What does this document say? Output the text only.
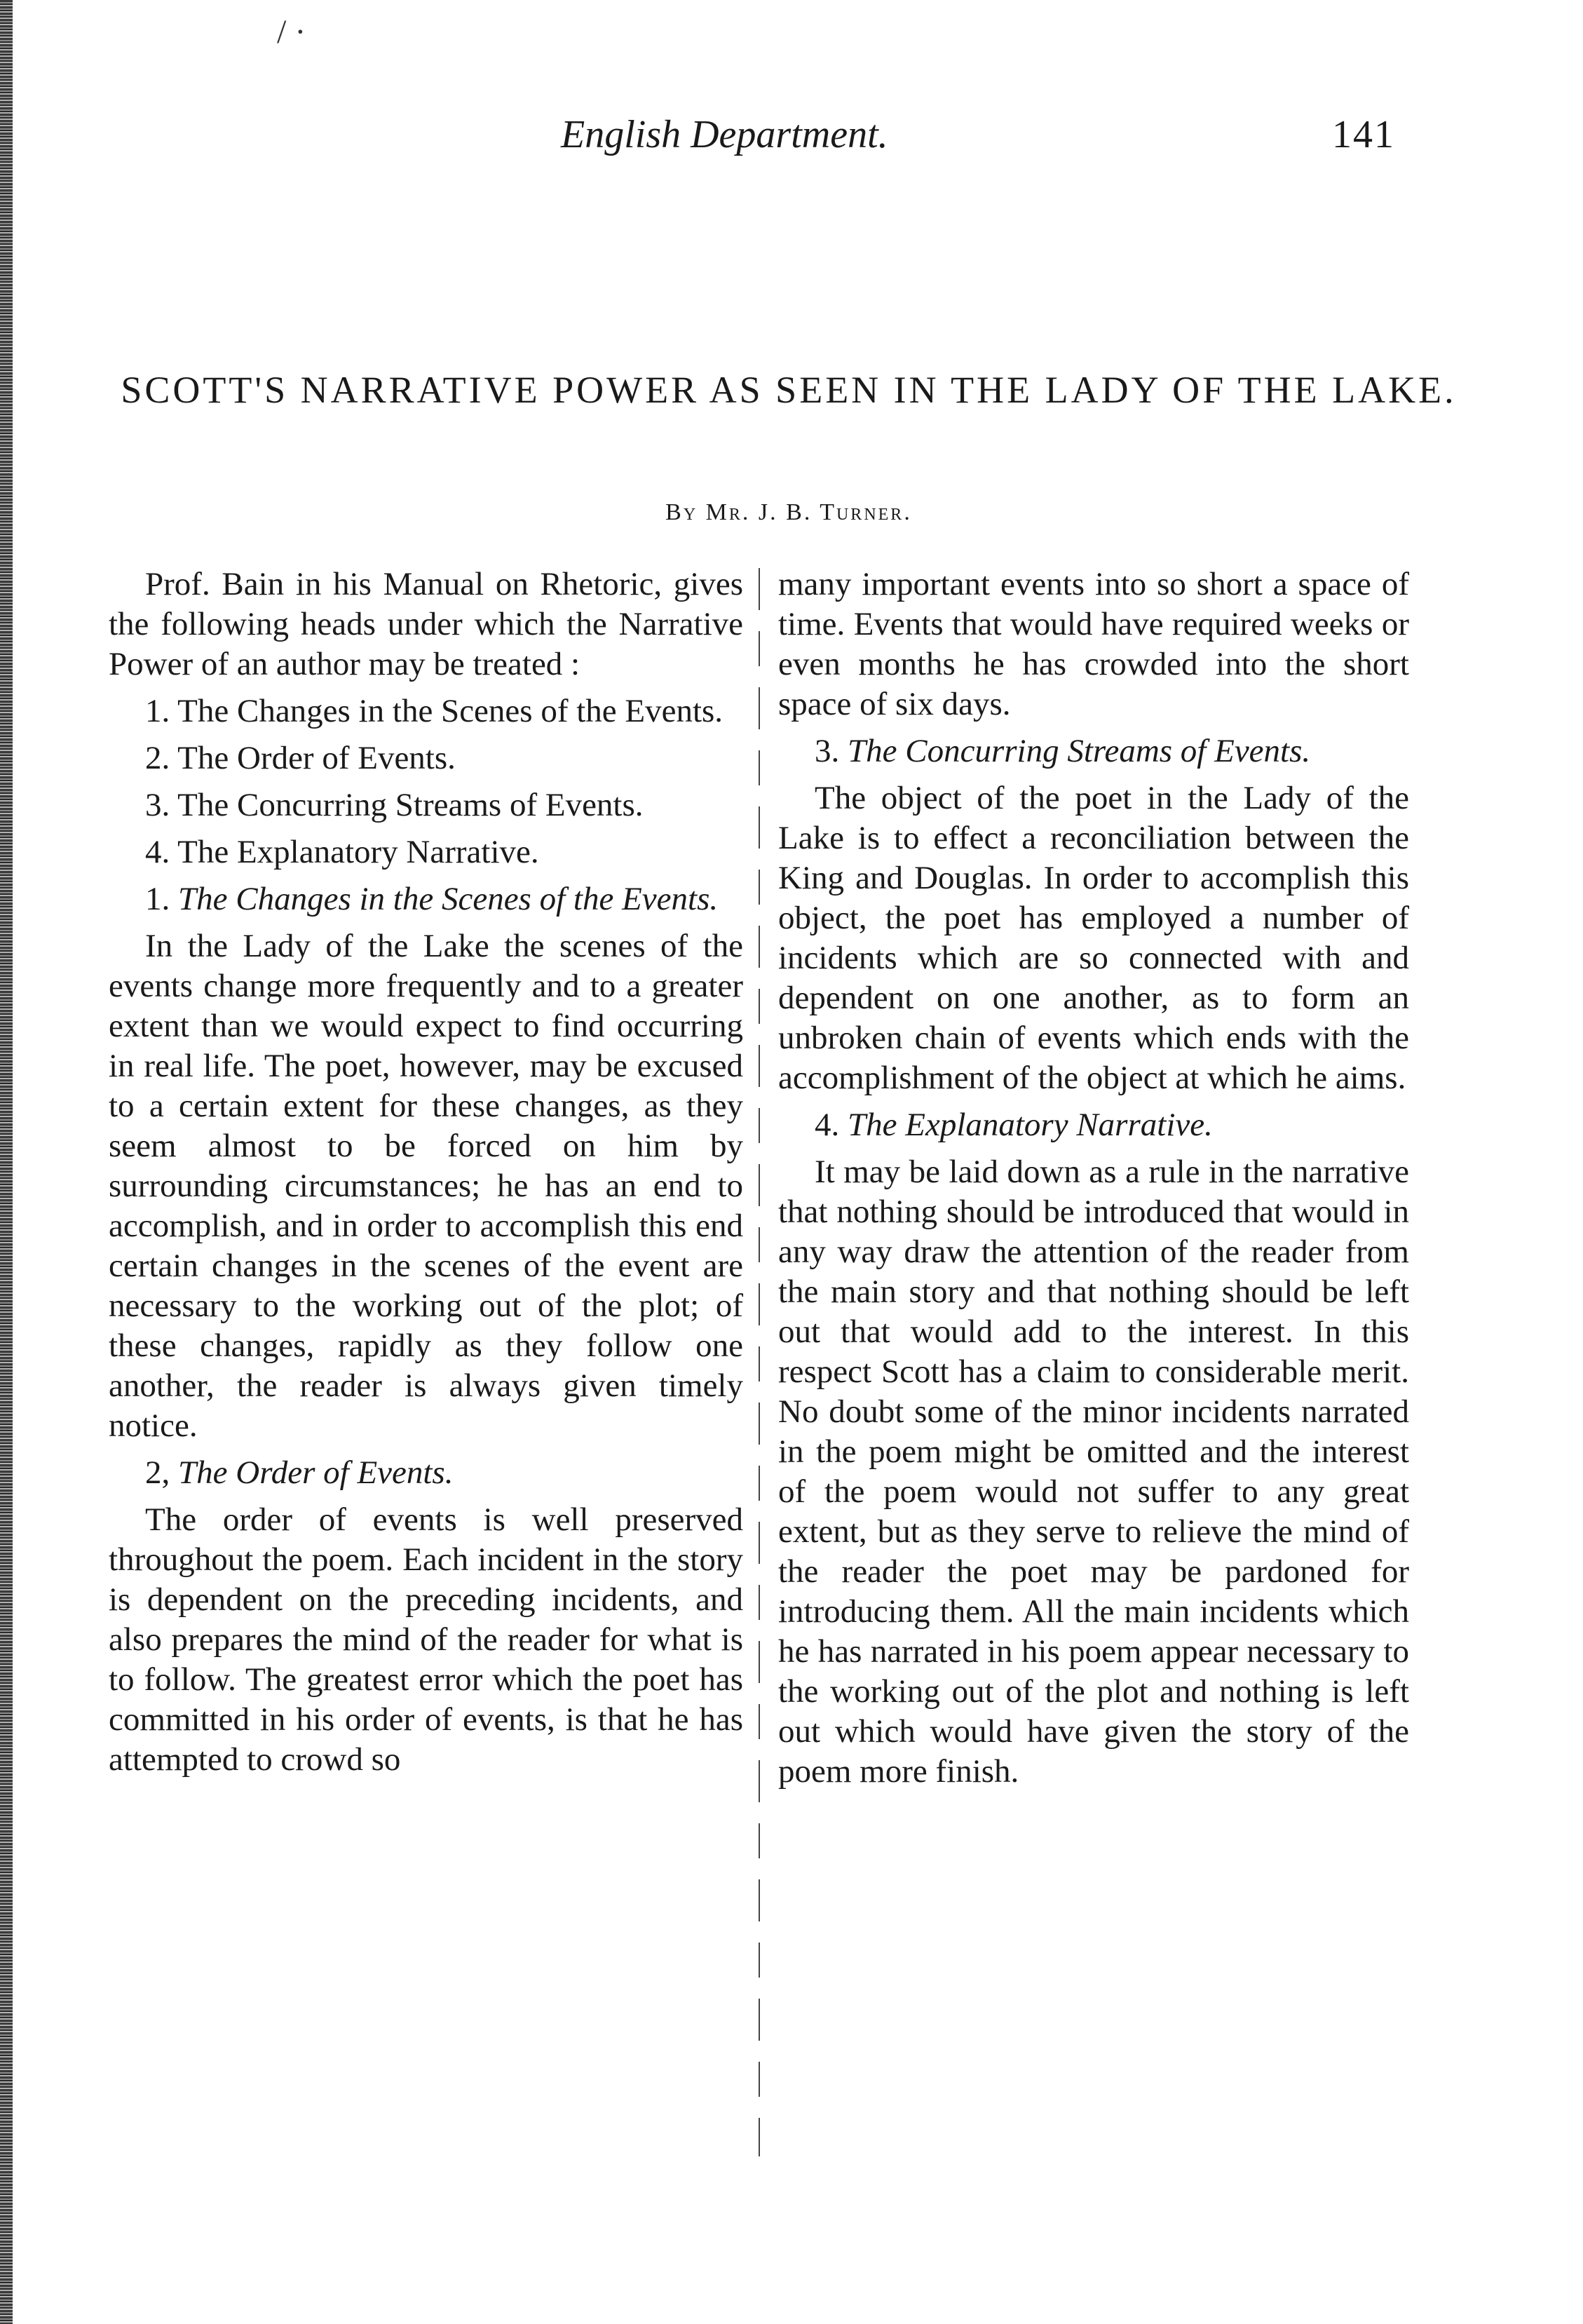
/ ·
English Department.	141
SCOTT'S NARRATIVE POWER AS SEEN IN THE LADY OF THE LAKE.
By Mr. J. B. Turner.

Prof. Bain in his Manual on Rhetoric, gives the following heads under which the Narrative Power of an author may be treated :

1. The Changes in the Scenes of the Events.
2. The Order of Events.
3. The Concurring Streams of Events.
4. The Explanatory Narrative.
1. The Changes in the Scenes of the Events.

In the Lady of the Lake the scenes of the events change more frequently and to a greater extent than we would expect to find occurring in real life. The poet, however, may be excused to a certain extent for these changes, as they seem almost to be forced on him by surrounding circumstances; he has an end to accomplish, and in order to accomplish this end certain changes in the scenes of the event are necessary to the working out of the plot; of these changes, rapidly as they follow one another, the reader is always given timely notice.

2, The Order of Events.

The order of events is well preserved throughout the poem. Each incident in the story is dependent on the preceding incidents, and also prepares the mind of the reader for what is to follow. The greatest error which the poet has committed in his order of events, is that he has attempted to crowd so

many important events into so short a space of time. Events that would have required weeks or even months he has crowded into the short space of six days.

3. The Concurring Streams of Events.

The object of the poet in the Lady of the Lake is to effect a reconciliation between the King and Douglas. In order to accomplish this object, the poet has employed a number of incidents which are so connected with and dependent on one another, as to form an unbroken chain of events which ends with the accomplishment of the object at which he aims.

4. The Explanatory Narrative.

It may be laid down as a rule in the narrative that nothing should be introduced that would in any way draw the attention of the reader from the main story and that nothing should be left out that would add to the interest. In this respect Scott has a claim to considerable merit. No doubt some of the minor incidents narrated in the poem might be omitted and the interest of the poem would not suffer to any great extent, but as they serve to relieve the mind of the reader the poet may be pardoned for introducing them. All the main incidents which he has narrated in his poem appear necessary to the working out of the plot and nothing is left out which would have given the story of the poem more finish.
